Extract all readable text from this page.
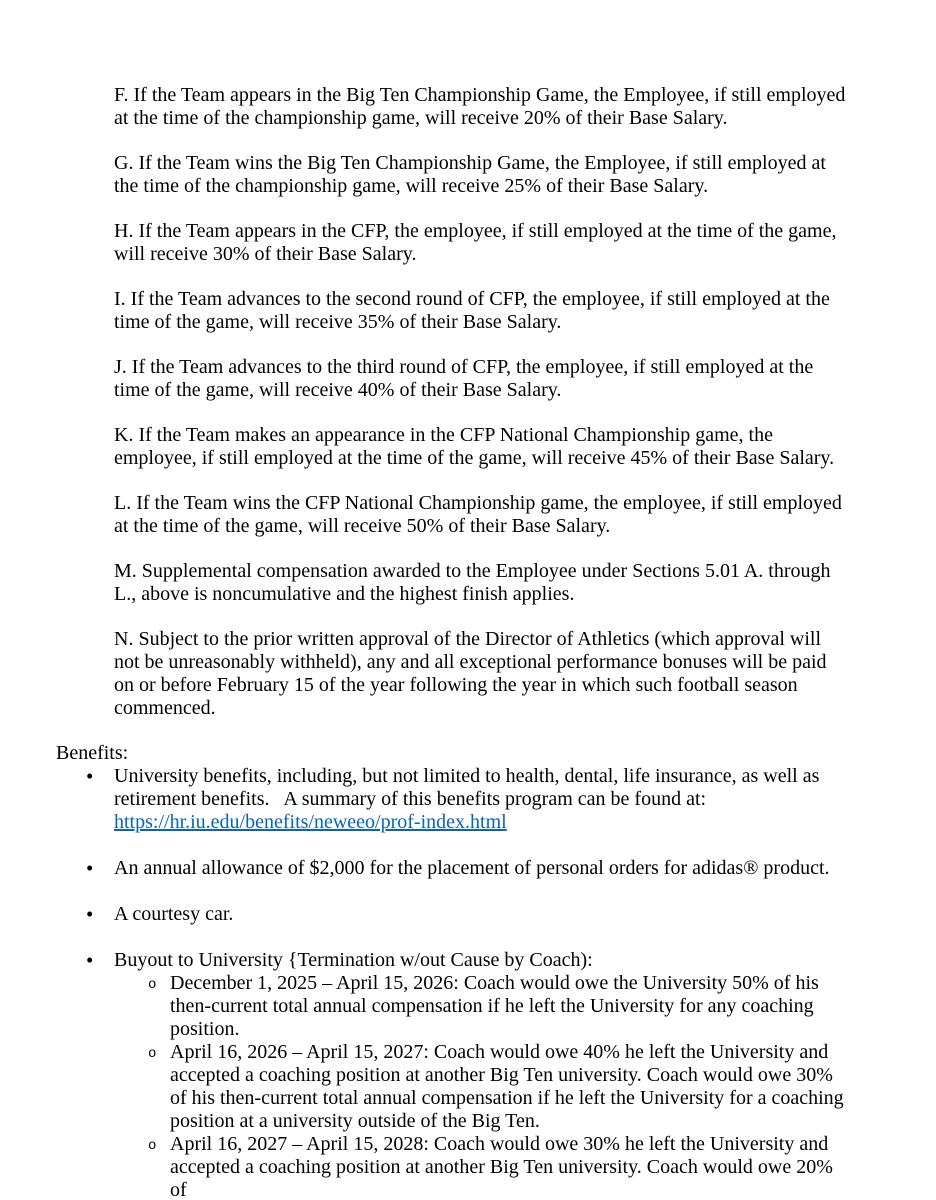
F. If the Team appears in the Big Ten Championship Game, the Employee, if still employed at the time of the championship game, will receive 20% of their Base Salary.

G. If the Team wins the Big Ten Championship Game, the Employee, if still employed at the time of the championship game, will receive 25% of their Base Salary.

H. If the Team appears in the CFP, the employee, if still employed at the time of the game, will receive 30% of their Base Salary.

I. If the Team advances to the second round of CFP, the employee, if still employed at the time of the game, will receive 35% of their Base Salary.

J. If the Team advances to the third round of CFP, the employee, if still employed at the time of the game, will receive 40% of their Base Salary.

K. If the Team makes an appearance in the CFP National Championship game, the employee, if still employed at the time of the game, will receive 45% of their Base Salary.

L. If the Team wins the CFP National Championship game, the employee, if still employed at the time of the game, will receive 50% of their Base Salary.

M. Supplemental compensation awarded to the Employee under Sections 5.01 A. through L., above is noncumulative and the highest finish applies.

N. Subject to the prior written approval of the Director of Athletics (which approval will not be unreasonably withheld), any and all exceptional performance bonuses will be paid on or before February 15 of the year following the year in which such football season commenced.

Benefits:
•	University benefits, including, but not limited to health, dental, life insurance, as well as retirement benefits.   A summary of this benefits program can be found at: https://hr.iu.edu/benefits/neweeo/prof-index.html
•	An annual allowance of $2,000 for the placement of personal orders for adidas® product.
•	A courtesy car.
•	Buyout to University {Termination w/out Cause by Coach):
o December 1, 2025 – April 15, 2026: Coach would owe the University 50% of his then-current total annual compensation if he left the University for any coaching position.
o April 16, 2026 – April 15, 2027: Coach would owe 40% he left the University and accepted a coaching position at another Big Ten university. Coach would owe 30% of his then-current total annual compensation if he left the University for a coaching position at a university outside of the Big Ten.
o April 16, 2027 – April 15, 2028: Coach would owe 30% he left the University and accepted a coaching position at another Big Ten university. Coach would owe 20% of
